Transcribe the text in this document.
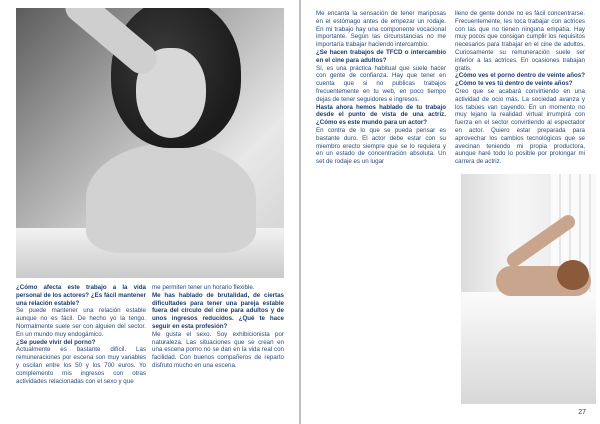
¿Cómo afecta este trabajo a la vida personal de los actores? ¿Es fácil mantener una relación estable?

Se puede mantener una relación estable aunque no es fácil. De hecho yo la tengo. Normalmente suele ser con alguien del sector. En un mundo muy endogámico.

¿Se puede vivir del porno?

Actualmente es bastante difícil. Las remuneraciones por escena son muy variables y oscilan entre los 50 y los 700 euros. Yo complemento mis ingresos con otras actividades relacionadas con el sexo y que

me permiten tener un horario flexible.

Me has hablado de brutalidad, de ciertas dificultades para tener una pareja estable fuera del círculo del cine para adultos y de unos ingresos reducidos. ¿Qué te hace seguir en esta profesión?

Me gusta el sexo. Soy exhibicionista por naturaleza. Las situaciones que se crean en una escena porno no se dan en la vida real con facilidad. Con buenos compañeros de reparto disfruto mucho en una escena.

Me encanta la sensación de tener mariposas en el estómago antes de empezar un rodaje. En mi trabajo hay una componente vocacional importante. Según las circunstancias no me importaría trabajar haciendo intercambio.

¿Se hacen trabajos de TFCD o intercambio en el cine para adultos?

Sí, es una práctica habitual que suele hacer con gente de confianza. Hay que tener en cuenta que si no publicas trabajos frecuentemente en tu web, en poco tiempo dejas de tener seguidores e ingresos.

Hasta ahora hemos hablado de tu trabajo desde el punto de vista de una actriz. ¿Cómo es este mundo para un actor?

En contra de lo que se pueda pensar es bastante duro. El actor debe estar con su miembro erecto siempre que se lo requiera y en un estado de concentración absoluta. Un set de rodaje es un lugar

lleno de gente donde no es fácil concentrarse. Frecuentemente, les toca trabajar con actrices con las que no tienen ninguna empatía. Hay muy pocos que consigan cumplir los requisitos necesarios para trabajar en el cine de adultos. Curiosamente su remuneración suele ser inferior a las actrices. En ocasiones trabajan gratis.

¿Cómo ves el porno dentro de veinte años? ¿Cómo te ves tú dentro de veinte años?

Creo que se acabará convirtiendo en una actividad de ocio más. La sociedad avanza y los tabúes van cayendo. En un momento no muy lejano la realidad virtual irrumpirá con fuerza en el sector convirtiendo al espectador en actor. Quiero estar preparada para aprovechar los cambios tecnológicos que se avecinan teniendo mi propia productora, aunque haré todo lo posible por prolongar mi carrera de actriz.

27
